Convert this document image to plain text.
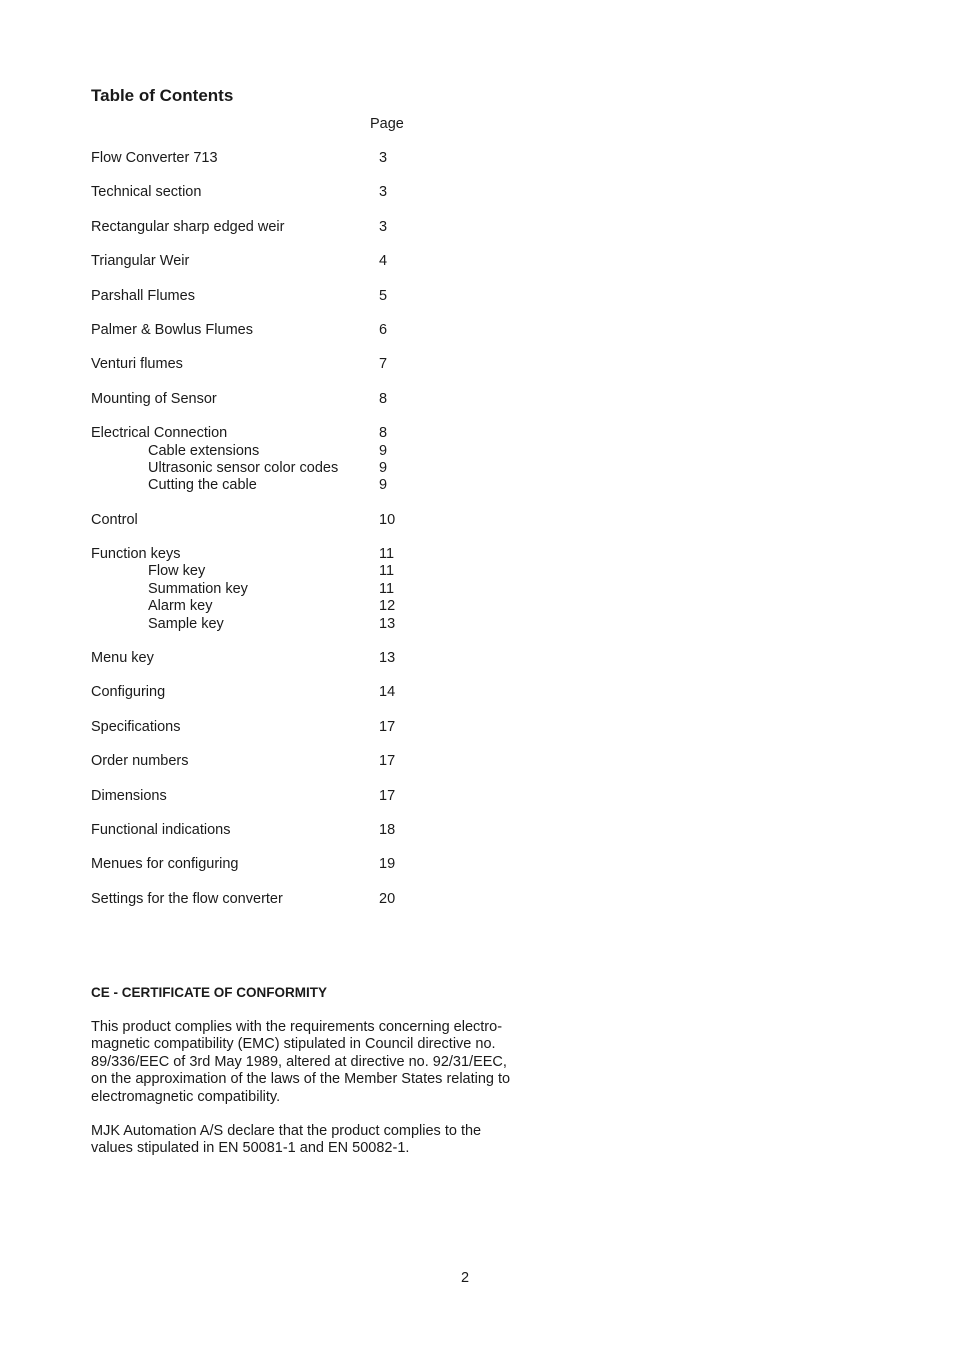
Table of Contents
Page
Flow Converter 713	3
Technical section	3
Rectangular sharp edged weir	3
Triangular Weir	4
Parshall Flumes	5
Palmer & Bowlus Flumes	6
Venturi flumes	7
Mounting of Sensor	8
Electrical Connection	8
Cable extensions	9
Ultrasonic sensor color codes	9
Cutting the cable	9
Control	10
Function keys	11
Flow key	11
Summation key	11
Alarm key	12
Sample key	13
Menu key	13
Configuring	14
Specifications	17
Order numbers	17
Dimensions	17
Functional indications	18
Menues for configuring	19
Settings for the flow converter	20
CE - CERTIFICATE OF CONFORMITY

This product complies with the requirements concerning electro-
magnetic compatibility (EMC) stipulated in Council directive no.
89/336/EEC of 3rd May 1989, altered at directive no. 92/31/EEC,
on the approximation of the laws of the Member States relating to
electromagnetic compatibility.

MJK Automation A/S declare that the product complies to the
values stipulated in EN 50081-1 and EN 50082-1.

2
